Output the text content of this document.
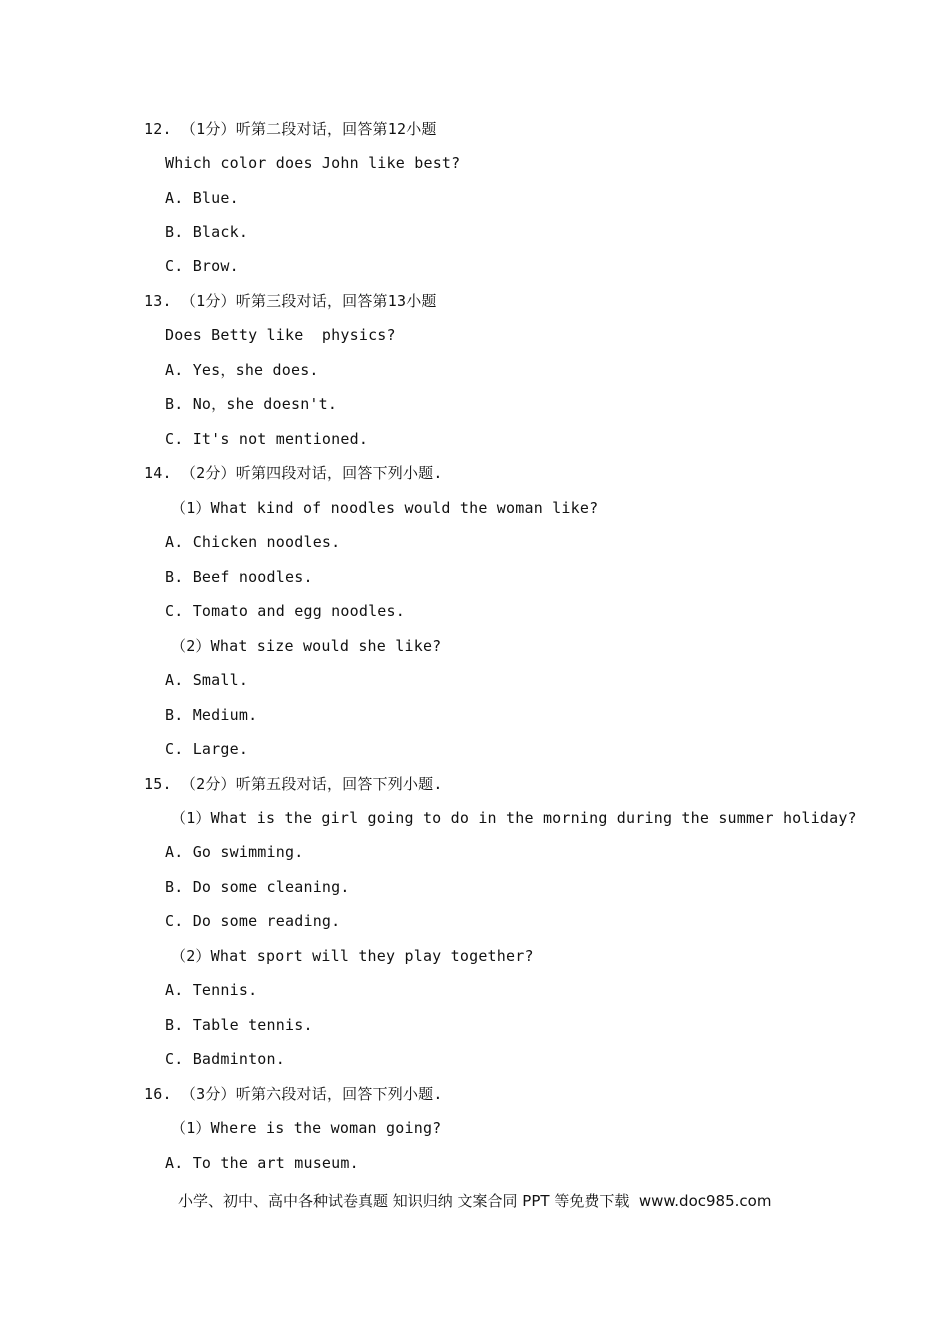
12. （1分）听第二段对话，回答第12小题
Which color does John like best?
A. Blue.
B. Black.
C. Brow.
13. （1分）听第三段对话，回答第13小题
Does Betty like  physics?
A. Yes，she does.
B. No，she doesn't.
C. It's not mentioned.
14. （2分）听第四段对话，回答下列小题.
（1）What kind of noodles would the woman like?
A. Chicken noodles.
B. Beef noodles.
C. Tomato and egg noodles.
（2）What size would she like?
A. Small.
B. Medium.
C. Large.
15. （2分）听第五段对话，回答下列小题.
（1）What is the girl going to do in the morning during the summer holiday?
A. Go swimming.
B. Do some cleaning.
C. Do some reading.
（2）What sport will they play together?
A. Tennis.
B. Table tennis.
C. Badminton.
16. （3分）听第六段对话，回答下列小题.
（1）Where is the woman going?
A. To the art museum.
小学、初中、高中各种试卷真题 知识归纳 文案合同 PPT 等免费下载  www.doc985.com
